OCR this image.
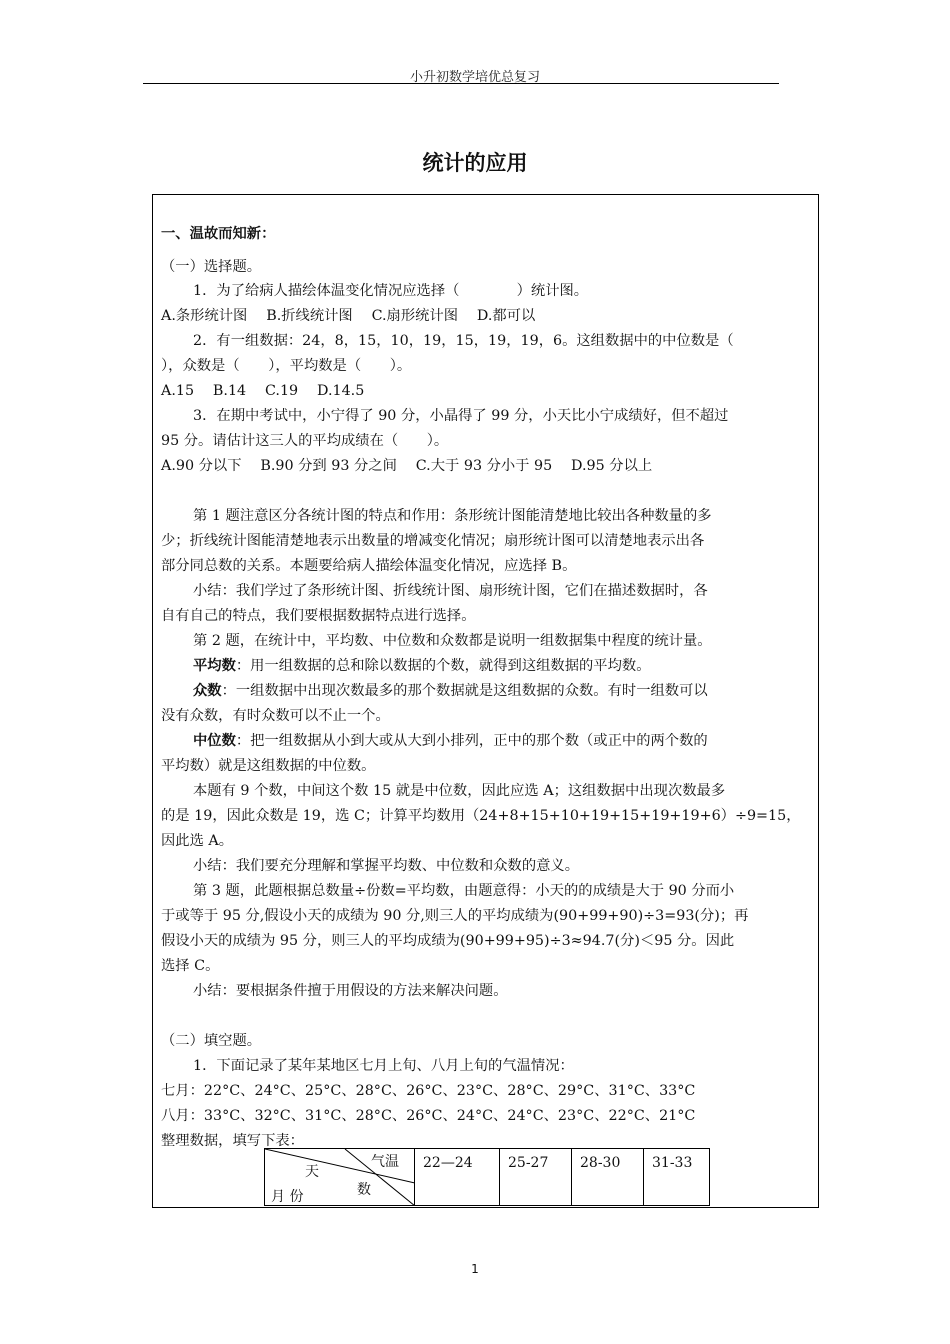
小升初数学培优总复习
统计的应用
一、温故而知新：
（一）选择题。
1．为了给病人描绘体温变化情况应选择（　　　　）统计图。
A.条形统计图　 B.折线统计图　 C.扇形统计图　 D.都可以
2．有一组数据：24，8，15，10，19，15，19，19，6。这组数据中的中位数是（
），众数是（　　），平均数是（　　）。
A.15　 B.14　 C.19　 D.14.5
3．在期中考试中，小宁得了 90 分，小晶得了 99 分，小天比小宁成绩好，但不超过
95 分。请估计这三人的平均成绩在（　　）。
A.90 分以下　 B.90 分到 93 分之间　 C.大于 93 分小于 95　 D.95 分以上
第 1 题注意区分各统计图的特点和作用：条形统计图能清楚地比较出各种数量的多
少；折线统计图能清楚地表示出数量的增减变化情况；扇形统计图可以清楚地表示出各
部分同总数的关系。本题要给病人描绘体温变化情况，应选择 B。
小结：我们学过了条形统计图、折线统计图、扇形统计图，它们在描述数据时，各
自有自己的特点，我们要根据数据特点进行选择。
第 2 题，在统计中，平均数、中位数和众数都是说明一组数据集中程度的统计量。
平均数：用一组数据的总和除以数据的个数，就得到这组数据的平均数。
众数：一组数据中出现次数最多的那个数据就是这组数据的众数。有时一组数可以
没有众数，有时众数可以不止一个。
中位数：把一组数据从小到大或从大到小排列，正中的那个数（或正中的两个数的
平均数）就是这组数据的中位数。
本题有 9 个数，中间这个数 15 就是中位数，因此应选 A；这组数据中出现次数最多
的是 19，因此众数是 19，选 C；计算平均数用（24+8+15+10+19+15+19+19+6）÷9=15，
因此选 A。
小结：我们要充分理解和掌握平均数、中位数和众数的意义。
第 3 题，此题根据总数量÷份数=平均数，由题意得：小天的的成绩是大于 90 分而小
于或等于 95 分,假设小天的成绩为 90 分,则三人的平均成绩为(90+99+90)÷3=93(分)；再
假设小天的成绩为 95 分，则三人的平均成绩为(90+99+95)÷3≈94.7(分)＜95 分。因此
选择 C。
小结：要根据条件擅于用假设的方法来解决问题。
（二）填空题。
1．下面记录了某年某地区七月上旬、八月上旬的气温情况：
七月：22°C、24°C、25°C、28°C、26°C、23°C、28°C、29°C、31°C、33°C
八月：33°C、32°C、31°C、28°C、26°C、24°C、24°C、23°C、22°C、21°C
整理数据，填写下表：
气温
天
数
月 份
	22—24	25-27	28-30	31-33
1
